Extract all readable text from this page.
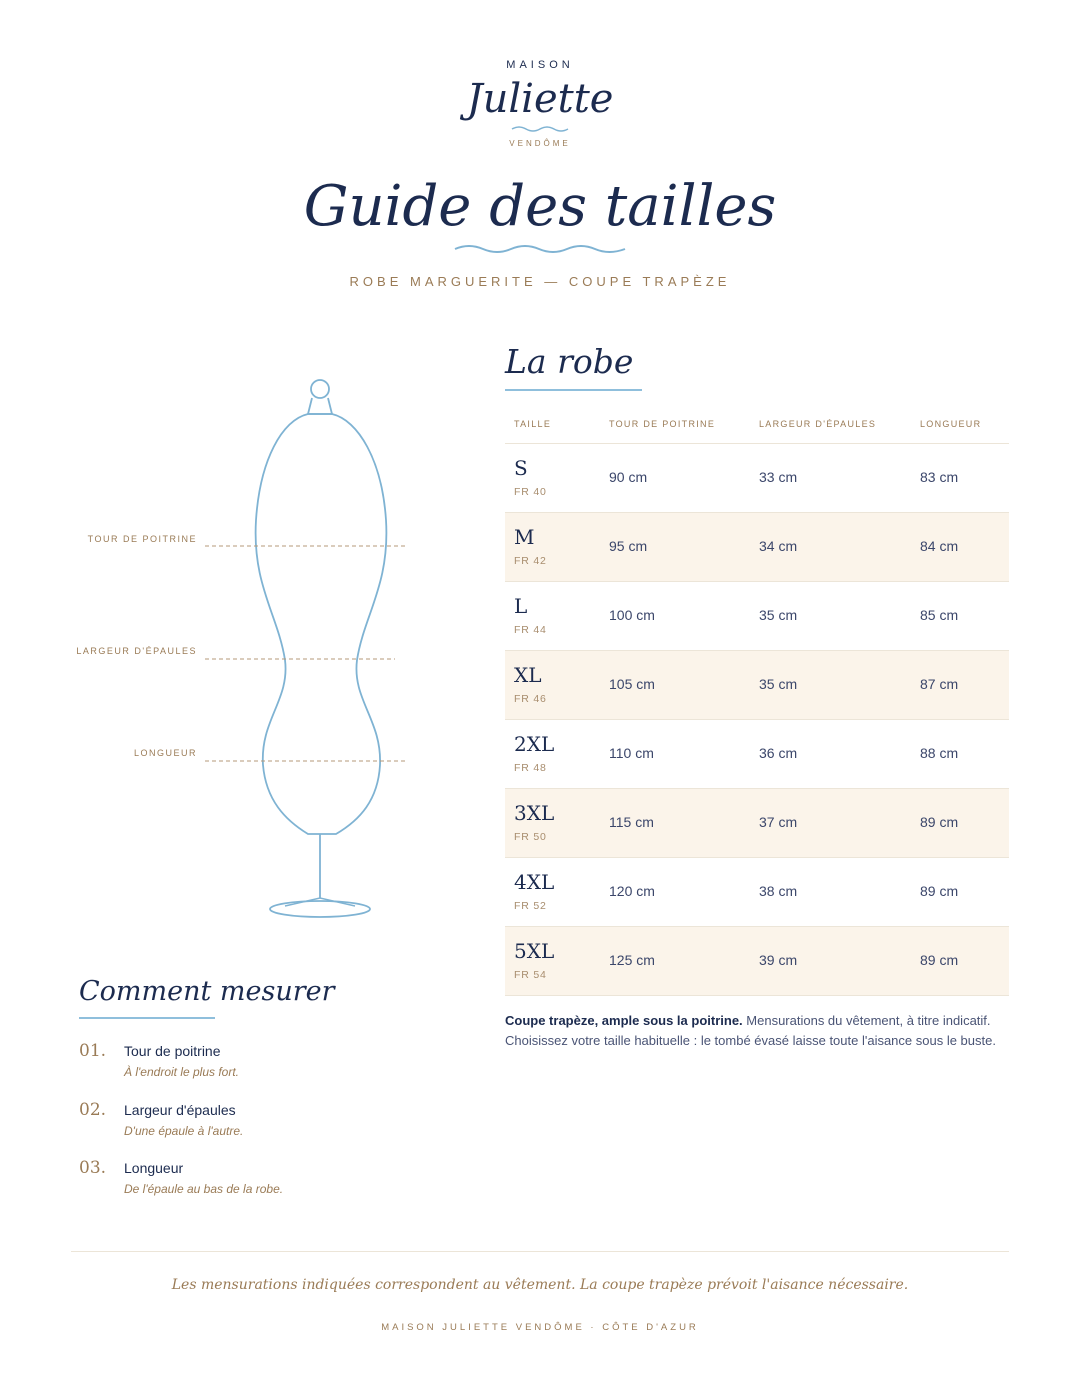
MAISON
Juliette
VENDÔME
Guide des tailles
ROBE MARGUERITE — COUPE TRAPÈZE
TOUR DE POITRINE
LARGEUR D'ÉPAULES
LONGUEUR
Comment mesurer
01. Tour de poitrine
À l'endroit le plus fort.
02. Largeur d'épaules
D'une épaule à l'autre.
03. Longueur
De l'épaule au bas de la robe.
La robe
TAILLE	TOUR DE POITRINE	LARGEUR D'ÉPAULES	LONGUEUR
S
FR 40
90 cm	33 cm	83 cm
M
FR 42
95 cm	34 cm	84 cm
L
FR 44
100 cm	35 cm	85 cm
XL
FR 46
105 cm	35 cm	87 cm
2XL
FR 48
110 cm	36 cm	88 cm
3XL
FR 50
115 cm	37 cm	89 cm
4XL
FR 52
120 cm	38 cm	89 cm
5XL
FR 54
125 cm	39 cm	89 cm
Coupe trapèze, ample sous la poitrine. Mensurations du vêtement, à titre indicatif. Choisissez votre taille habituelle : le tombé évasé laisse toute l'aisance sous le buste.
Les mensurations indiquées correspondent au vêtement. La coupe trapèze prévoit l'aisance nécessaire.
MAISON JULIETTE VENDÔME · CÔTE D'AZUR
